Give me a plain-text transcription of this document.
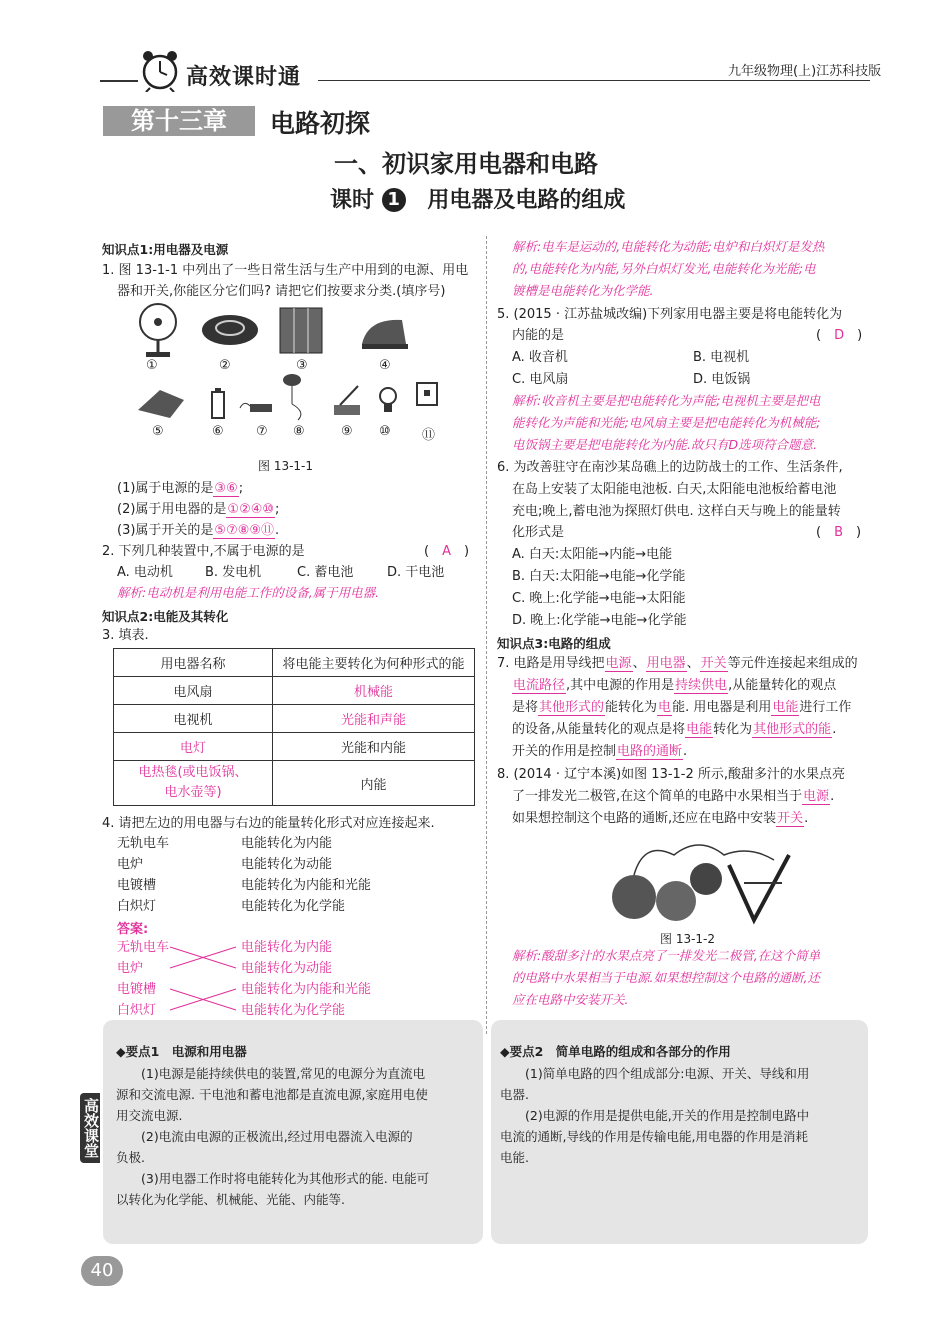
高效课时通	九年级物理(上)江苏科技版
第十三章	电路初探
一、初识家用电器和电路
课时 1 用电器及电路的组成
知识点1:用电器及电源
1. 图 13-1-1 中列出了一些日常生活与生产中用到的电源、用电
器和开关,你能区分它们吗? 请把它们按要求分类.(填序号)
①	②	③	④
⑤	⑥ ⑦ ⑧	⑨ ⑩ ⑪
图 13-1-1
(1)属于电源的是③⑥;
(2)属于用电器的是①②④⑩;
(3)属于开关的是⑤⑦⑧⑨⑪.
2. 下列几种装置中,不属于电源的是	(　A　)
A. 电动机 B. 发电机	C. 蓄电池	D. 干电池
解析:电动机是利用电能工作的设备,属于用电器.
知识点2:电能及其转化
3. 填表.
用电器名称	将电能主要转化为何种形式的能
电风扇	机械能
电视机	光能和声能
电灯	光能和内能
电热毯(或电饭锅、电水壶等)	内能
4. 请把左边的用电器与右边的能量转化形式对应连接起来.
无轨电车
电炉
电镀槽
白炽灯
电能转化为内能
电能转化为动能
电能转化为内能和光能
电能转化为化学能
答案:
无轨电车
电炉
电镀槽
白炽灯
电能转化为内能
电能转化为动能
电能转化为内能和光能
电能转化为化学能
解析:电车是运动的,电能转化为动能;电炉和白炽灯是发热
的,电能转化为内能,另外白炽灯发光,电能转化为光能;电
镀槽是电能转化为化学能.
5. (2015 · 江苏盐城改编)下列家用电器主要是将电能转化为
内能的是	(　D　)
A. 收音机	B. 电视机
C. 电风扇	D. 电饭锅
解析:收音机主要是把电能转化为声能;电视机主要是把电
能转化为声能和光能;电风扇主要是把电能转化为机械能;
电饭锅主要是把电能转化为内能.故只有D选项符合题意.
6. 为改善驻守在南沙某岛礁上的边防战士的工作、生活条件,
在岛上安装了太阳能电池板. 白天,太阳能电池板给蓄电池
充电;晚上,蓄电池为探照灯供电. 这样白天与晚上的能量转
化形式是	(　B　)
A. 白天:太阳能→内能→电能
B. 白天:太阳能→电能→化学能
C. 晚上:化学能→电能→太阳能
D. 晚上:化学能→电能→化学能
知识点3:电路的组成
7. 电路是用导线把电源、用电器、开关等元件连接起来组成的
电流路径,其中电源的作用是持续供电,从能量转化的观点
是将其他形式的能转化为电能. 用电器是利用电能进行工作
的设备,从能量转化的观点是将电能转化为其他形式的能.
开关的作用是控制电路的通断.
8. (2014 · 辽宁本溪)如图 13-1-2 所示,酸甜多汁的水果点亮
了一排发光二极管,在这个简单的电路中水果相当于电源.
如果想控制这个电路的通断,还应在电路中安装开关.
图 13-1-2
解析:酸甜多汁的水果点亮了一排发光二极管,在这个简单
的电路中水果相当于电源.如果想控制这个电路的通断,还
应在电路中安装开关.
◆要点1　电源和用电器
(1)电源是能持续供电的装置,常见的电源分为直流电
源和交流电源. 干电池和蓄电池都是直流电源,家庭用电使
用交流电源.
(2)电流由电源的正极流出,经过用电器流入电源的
负极.
(3)用电器工作时将电能转化为其他形式的能. 电能可
以转化为化学能、机械能、光能、内能等.
◆要点2　简单电路的组成和各部分的作用
(1)简单电路的四个组成部分:电源、开关、导线和用
电器.
(2)电源的作用是提供电能,开关的作用是控制电路中
电流的通断,导线的作用是传输电能,用电器的作用是消耗
电能.
高效课堂
40
